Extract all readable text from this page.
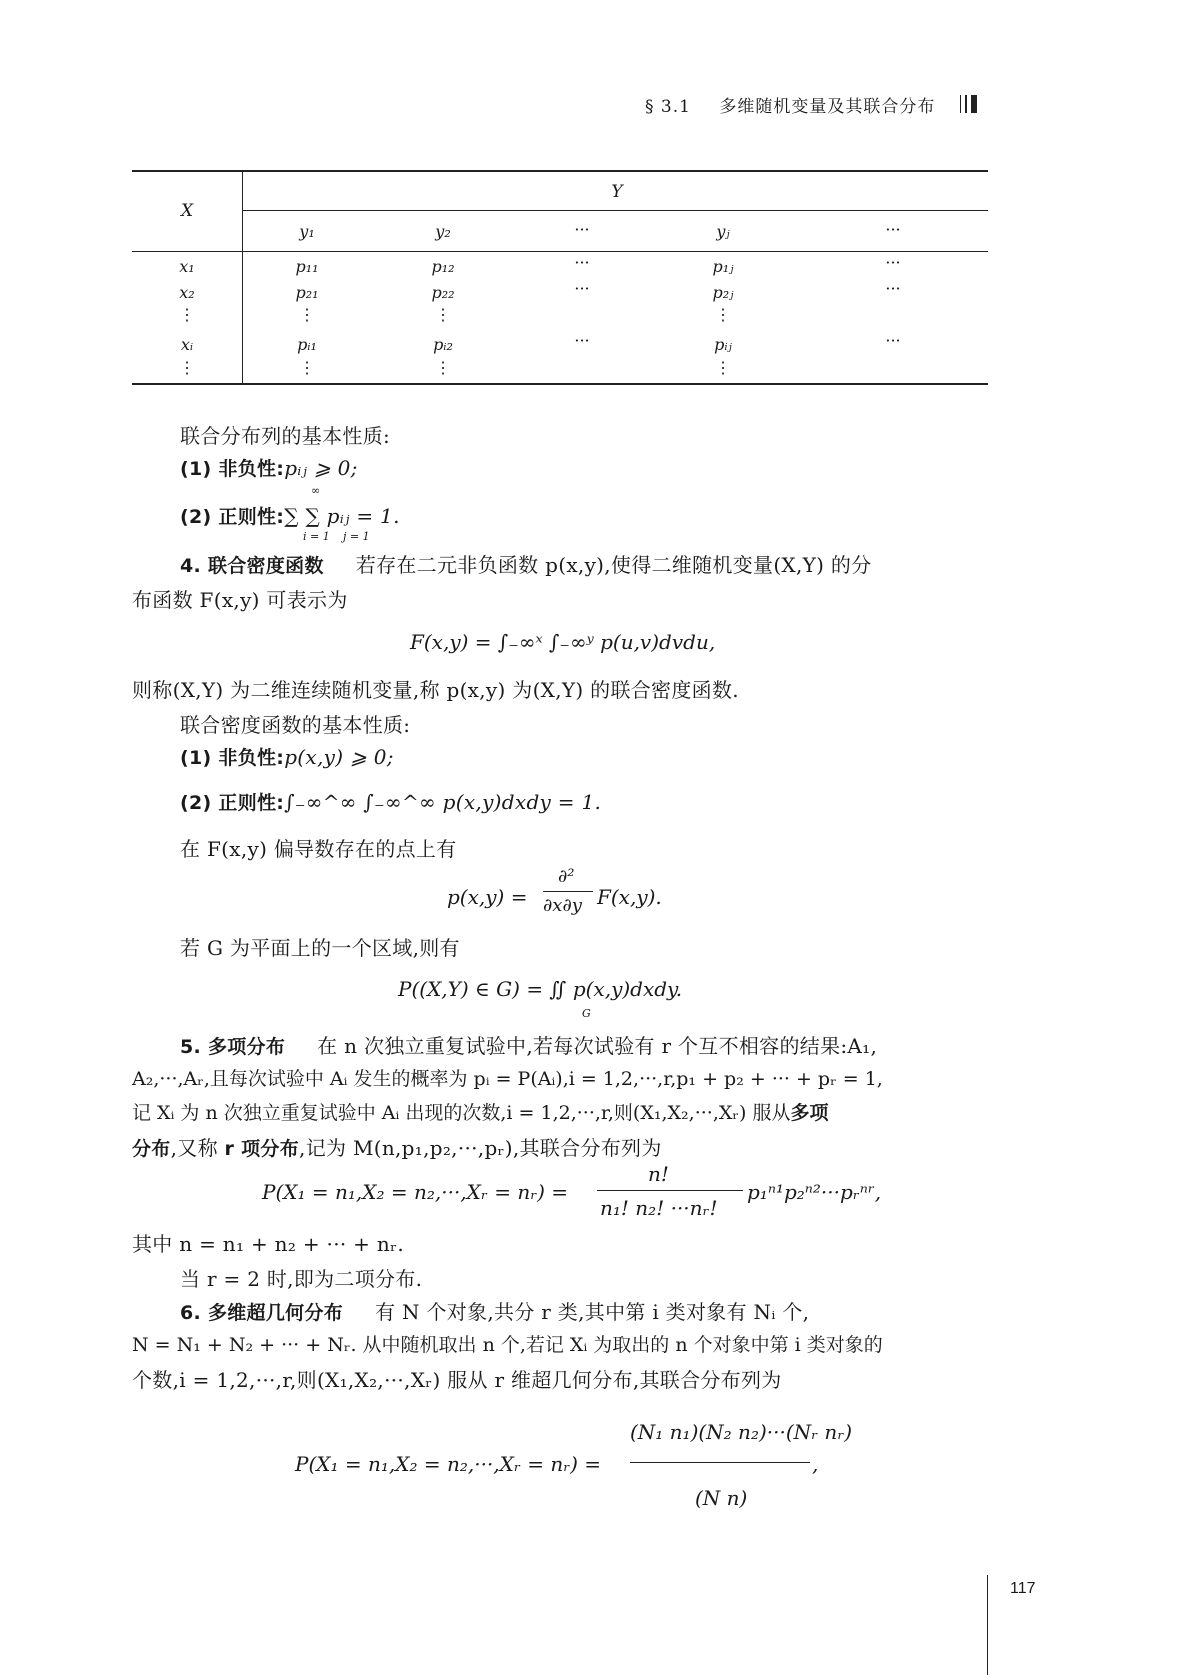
§ 3.1 多维随机变量及其联合分布
X
Y
y₁	y₂	···	yⱼ	···
x₁	p₁₁	p₁₂	···	p₁ⱼ	···
x₂	p₂₁	p₂₂	···	p₂ⱼ	···
⋮	⋮	⋮	⋮
xᵢ	pᵢ₁	pᵢ₂	···	pᵢⱼ	···
⋮	⋮	⋮	⋮
联合分布列的基本性质:
(1) 非负性:pᵢⱼ ⩾ 0;
(2) 正则性:∑ ∑ pᵢⱼ = 1.
∞
i = 1 j = 1
4. 联合密度函数 若存在二元非负函数 p(x,y),使得二维随机变量(X,Y) 的分
布函数 F(x,y) 可表示为
F(x,y) = ∫₋∞ˣ ∫₋∞ʸ p(u,v)dvdu,
则称(X,Y) 为二维连续随机变量,称 p(x,y) 为(X,Y) 的联合密度函数.
联合密度函数的基本性质:
(1) 非负性:p(x,y) ⩾ 0;
(2) 正则性:∫₋∞^∞ ∫₋∞^∞ p(x,y)dxdy = 1.
在 F(x,y) 偏导数存在的点上有
p(x,y) =
∂²
∂x∂y F(x,y).
若 G 为平面上的一个区域,则有
P((X,Y) ∈ G) = ∬ p(x,y)dxdy.
G
5. 多项分布 在 n 次独立重复试验中,若每次试验有 r 个互不相容的结果:A₁,
A₂,···,Aᵣ,且每次试验中 Aᵢ 发生的概率为 pᵢ = P(Aᵢ),i = 1,2,···,r,p₁ + p₂ + ··· + pᵣ = 1,
记 Xᵢ 为 n 次独立重复试验中 Aᵢ 出现的次数,i = 1,2,···,r,则(X₁,X₂,···,Xᵣ) 服从多项
分布,又称 r 项分布,记为 M(n,p₁,p₂,···,pᵣ),其联合分布列为
P(X₁ = n₁,X₂ = n₂,···,Xᵣ = nᵣ) =
n!
n₁! n₂! ···nᵣ!
p₁ⁿ¹p₂ⁿ²···pᵣⁿʳ,
其中 n = n₁ + n₂ + ··· + nᵣ.
当 r = 2 时,即为二项分布.
6. 多维超几何分布 有 N 个对象,共分 r 类,其中第 i 类对象有 Nᵢ 个,
N = N₁ + N₂ + ··· + Nᵣ. 从中随机取出 n 个,若记 Xᵢ 为取出的 n 个对象中第 i 类对象的
个数,i = 1,2,···,r,则(X₁,X₂,···,Xᵣ) 服从 r 维超几何分布,其联合分布列为
P(X₁ = n₁,X₂ = n₂,···,Xᵣ = nᵣ) =
(N₁ n₁)(N₂ n₂)···(Nᵣ nᵣ)
(N n)
,
117
